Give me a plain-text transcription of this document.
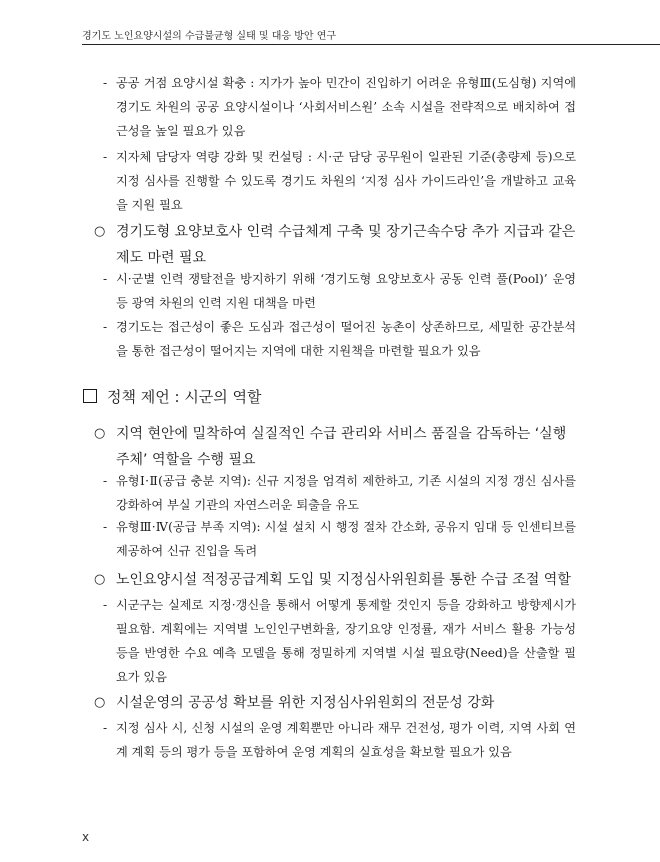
경기도 노인요양시설의 수급불균형 실태 및 대응 방안 연구
- 공공 거점 요양시설 확충 : 지가가 높아 민간이 진입하기 어려운 유형Ⅲ(도심형) 지역에 경기도 차원의 공공 요양시설이나 ‘사회서비스원’ 소속 시설을 전략적으로 배치하여 접근성을 높일 필요가 있음
- 지자체 담당자 역량 강화 및 컨설팅 : 시·군 담당 공무원이 일관된 기준(총량제 등)으로 지정 심사를 진행할 수 있도록 경기도 차원의 ‘지정 심사 가이드라인’을 개발하고 교육을 지원 필요
○ 경기도형 요양보호사 인력 수급체계 구축 및 장기근속수당 추가 지급과 같은 제도 마련 필요
- 시·군별 인력 쟁탈전을 방지하기 위해 ‘경기도형 요양보호사 공동 인력 풀(Pool)’ 운영 등 광역 차원의 인력 지원 대책을 마련
- 경기도는 접근성이 좋은 도심과 접근성이 떨어진 농촌이 상존하므로, 세밀한 공간분석을 통한 접근성이 떨어지는 지역에 대한 지원책을 마련할 필요가 있음
정책 제언 : 시군의 역할
○ 지역 현안에 밀착하여 실질적인 수급 관리와 서비스 품질을 감독하는 ‘실행 주체’ 역할을 수행 필요
- 유형Ⅰ·Ⅱ(공급 충분 지역): 신규 지정을 엄격히 제한하고, 기존 시설의 지정 갱신 심사를 강화하여 부실 기관의 자연스러운 퇴출을 유도
- 유형Ⅲ·Ⅳ(공급 부족 지역): 시설 설치 시 행정 절차 간소화, 공유지 임대 등 인센티브를 제공하여 신규 진입을 독려
○ 노인요양시설 적정공급계획 도입 및 지정심사위원회를 통한 수급 조절 역할
- 시군구는 실제로 지정·갱신을 통해서 어떻게 통제할 것인지 등을 강화하고 방향제시가 필요함. 계획에는 지역별 노인인구변화율, 장기요양 인정률, 재가 서비스 활용 가능성 등을 반영한 수요 예측 모델을 통해 정밀하게 지역별 시설 필요량(Need)을 산출할 필요가 있음
○ 시설운영의 공공성 확보를 위한 지정심사위원회의 전문성 강화
- 지정 심사 시, 신청 시설의 운영 계획뿐만 아니라 재무 건전성, 평가 이력, 지역 사회 연계 계획 등의 평가 등을 포함하여 운영 계획의 실효성을 확보할 필요가 있음
x
